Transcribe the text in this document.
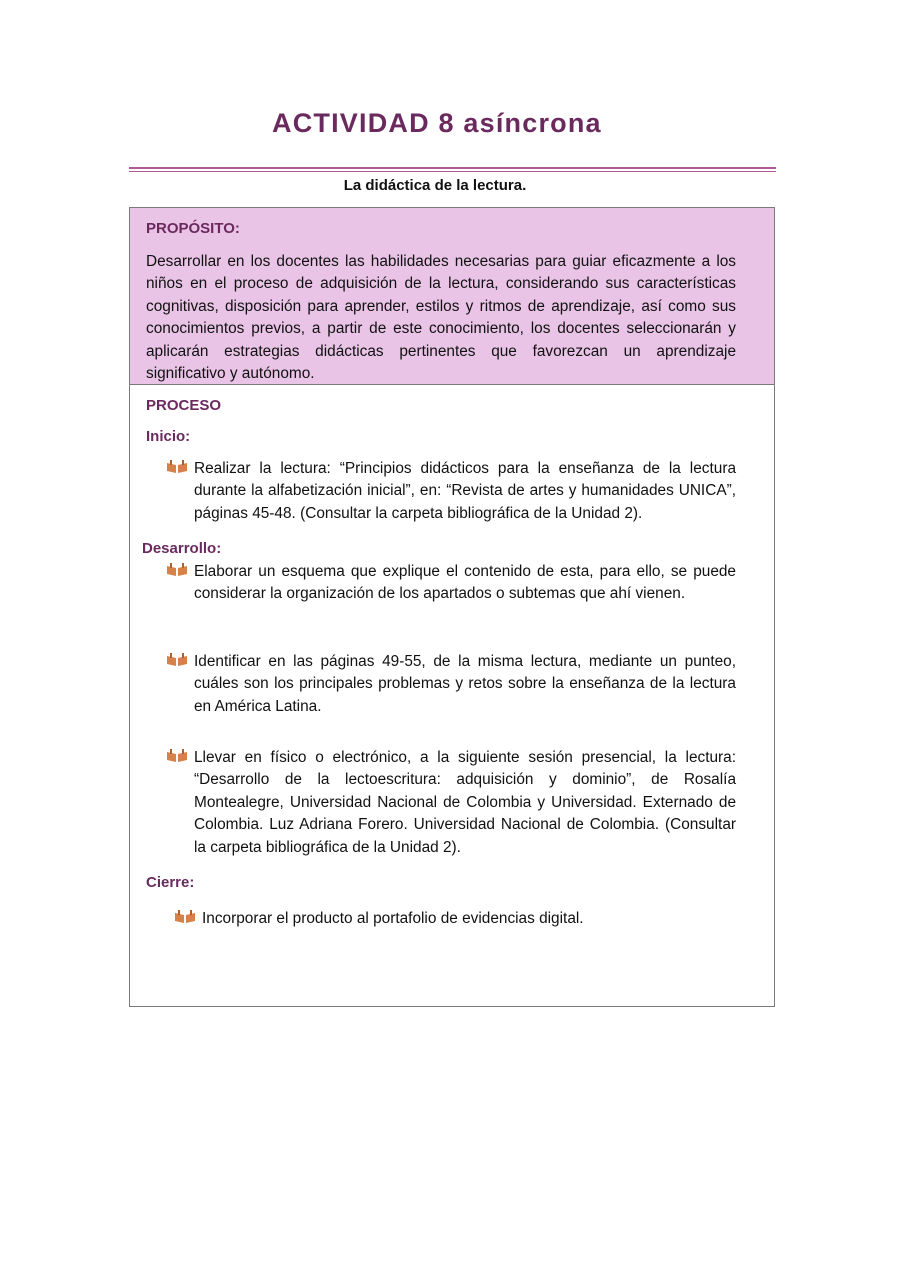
ACTIVIDAD 8 asíncrona
La didáctica de la lectura.
PROPÓSITO:
Desarrollar en los docentes las habilidades necesarias para guiar eficazmente a los niños en el proceso de adquisición de la lectura, considerando sus características cognitivas, disposición para aprender, estilos y ritmos de aprendizaje, así como sus conocimientos previos, a partir de este conocimiento, los docentes seleccionarán y aplicarán estrategias didácticas pertinentes que favorezcan un aprendizaje significativo y autónomo.
PROCESO
Inicio:
Realizar la lectura: “Principios didácticos para la enseñanza de la lectura durante la alfabetización inicial”, en: “Revista de artes y humanidades UNICA”, páginas 45-48. (Consultar la carpeta bibliográfica de la Unidad 2).
Desarrollo:
Elaborar un esquema que explique el contenido de esta, para ello, se puede considerar la organización de los apartados o subtemas que ahí vienen.
Identificar en las páginas 49-55, de la misma lectura, mediante un punteo, cuáles son los principales problemas y retos sobre la enseñanza de la lectura en América Latina.
Llevar en físico o electrónico, a la siguiente sesión presencial, la lectura: “Desarrollo de la lectoescritura: adquisición y dominio”, de Rosalía Montealegre, Universidad Nacional de Colombia y Universidad. Externado de Colombia. Luz Adriana Forero. Universidad Nacional de Colombia. (Consultar la carpeta bibliográfica de la Unidad 2).
Cierre:
Incorporar el producto al portafolio de evidencias digital.
